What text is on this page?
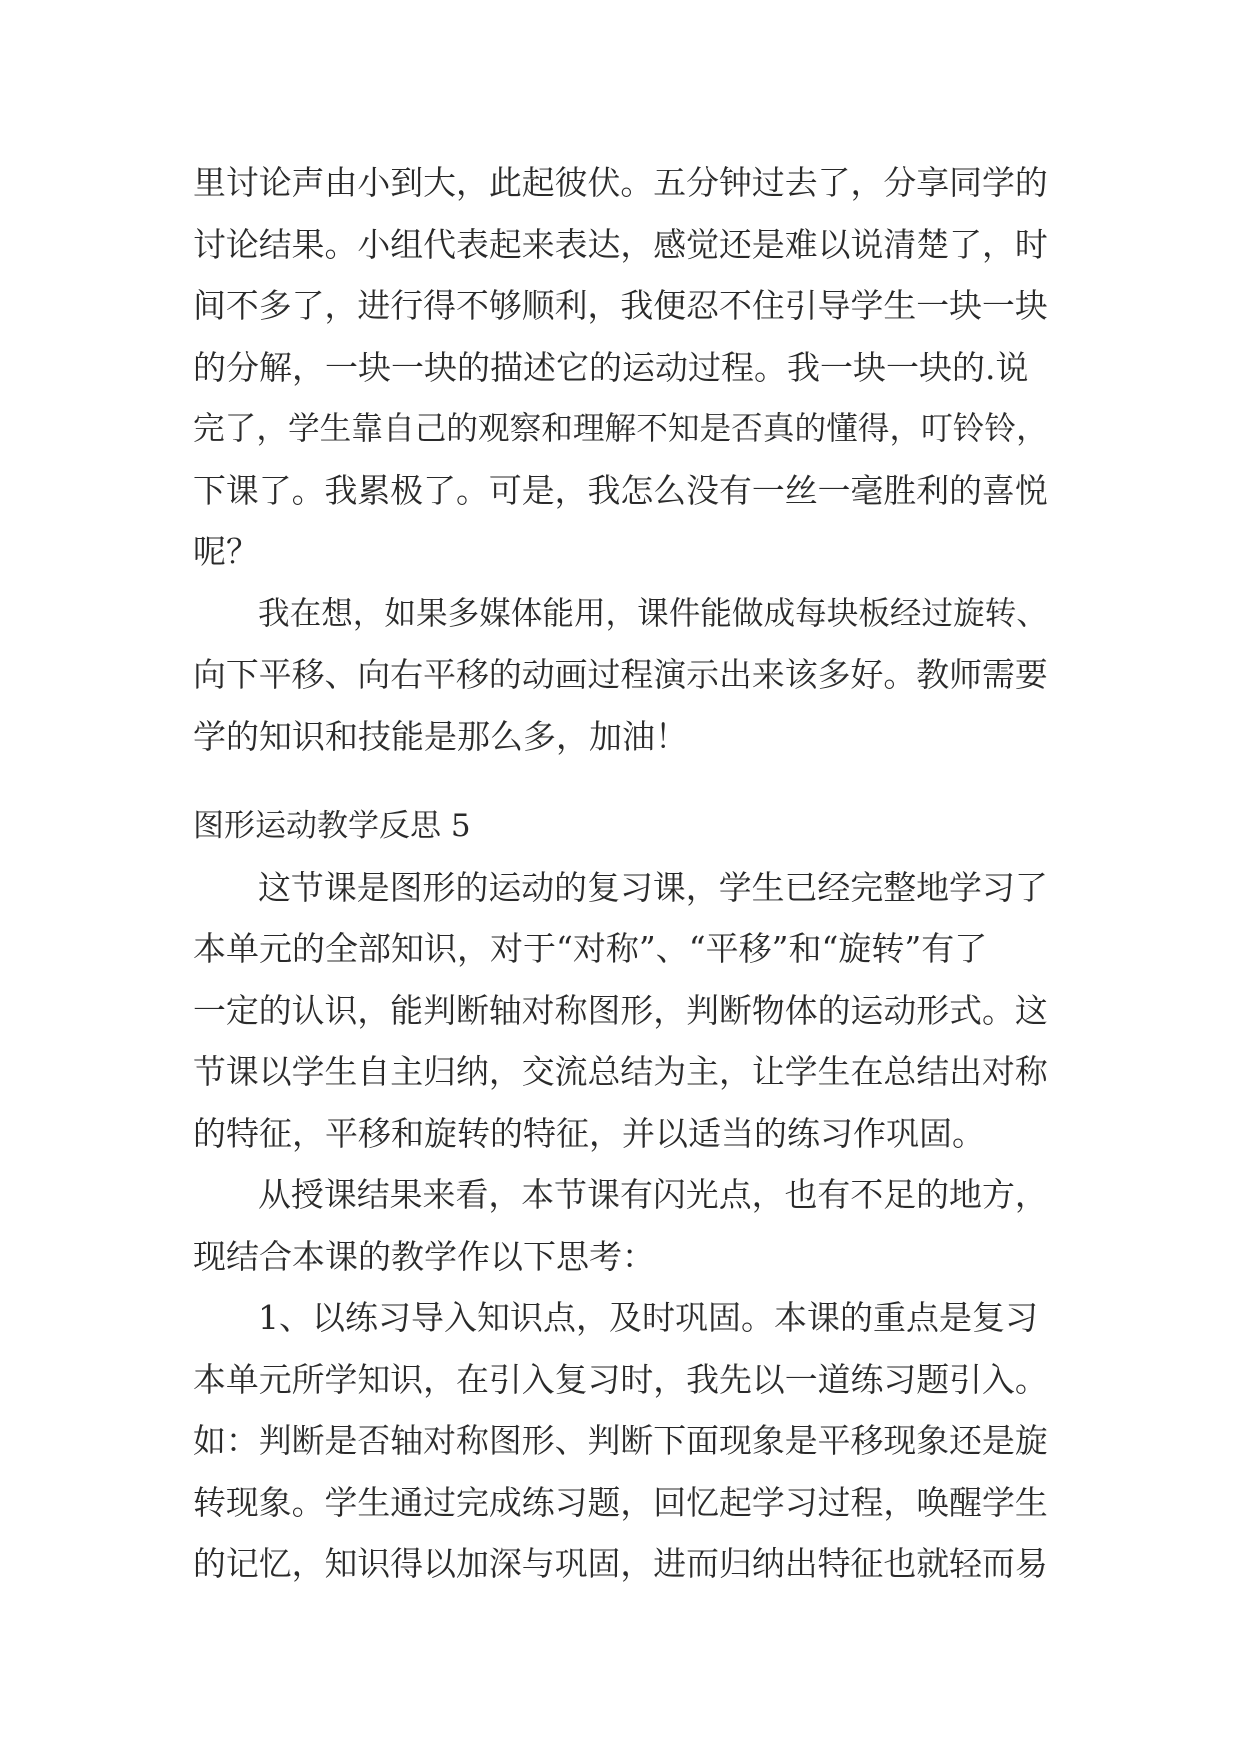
里讨论声由小到大，此起彼伏。五分钟过去了，分享同学的
讨论结果。小组代表起来表达，感觉还是难以说清楚了，时
间不多了，进行得不够顺利，我便忍不住引导学生一块一块
的分解，一块一块的描述它的运动过程。我一块一块的.说
完了，学生靠自己的观察和理解不知是否真的懂得，叮铃铃，
下课了。我累极了。可是，我怎么没有一丝一毫胜利的喜悦
呢？
我在想，如果多媒体能用，课件能做成每块板经过旋转、
向下平移、向右平移的动画过程演示出来该多好。教师需要
学的知识和技能是那么多，加油！
图形运动教学反思 5
这节课是图形的运动的复习课，学生已经完整地学习了
本单元的全部知识，对于“对称”、“平移”和“旋转”有了
一定的认识，能判断轴对称图形，判断物体的运动形式。这
节课以学生自主归纳，交流总结为主，让学生在总结出对称
的特征，平移和旋转的特征，并以适当的练习作巩固。
从授课结果来看，本节课有闪光点，也有不足的地方，
现结合本课的教学作以下思考：
1、以练习导入知识点，及时巩固。本课的重点是复习
本单元所学知识，在引入复习时，我先以一道练习题引入。
如：判断是否轴对称图形、判断下面现象是平移现象还是旋
转现象。学生通过完成练习题，回忆起学习过程，唤醒学生
的记忆，知识得以加深与巩固，进而归纳出特征也就轻而易
